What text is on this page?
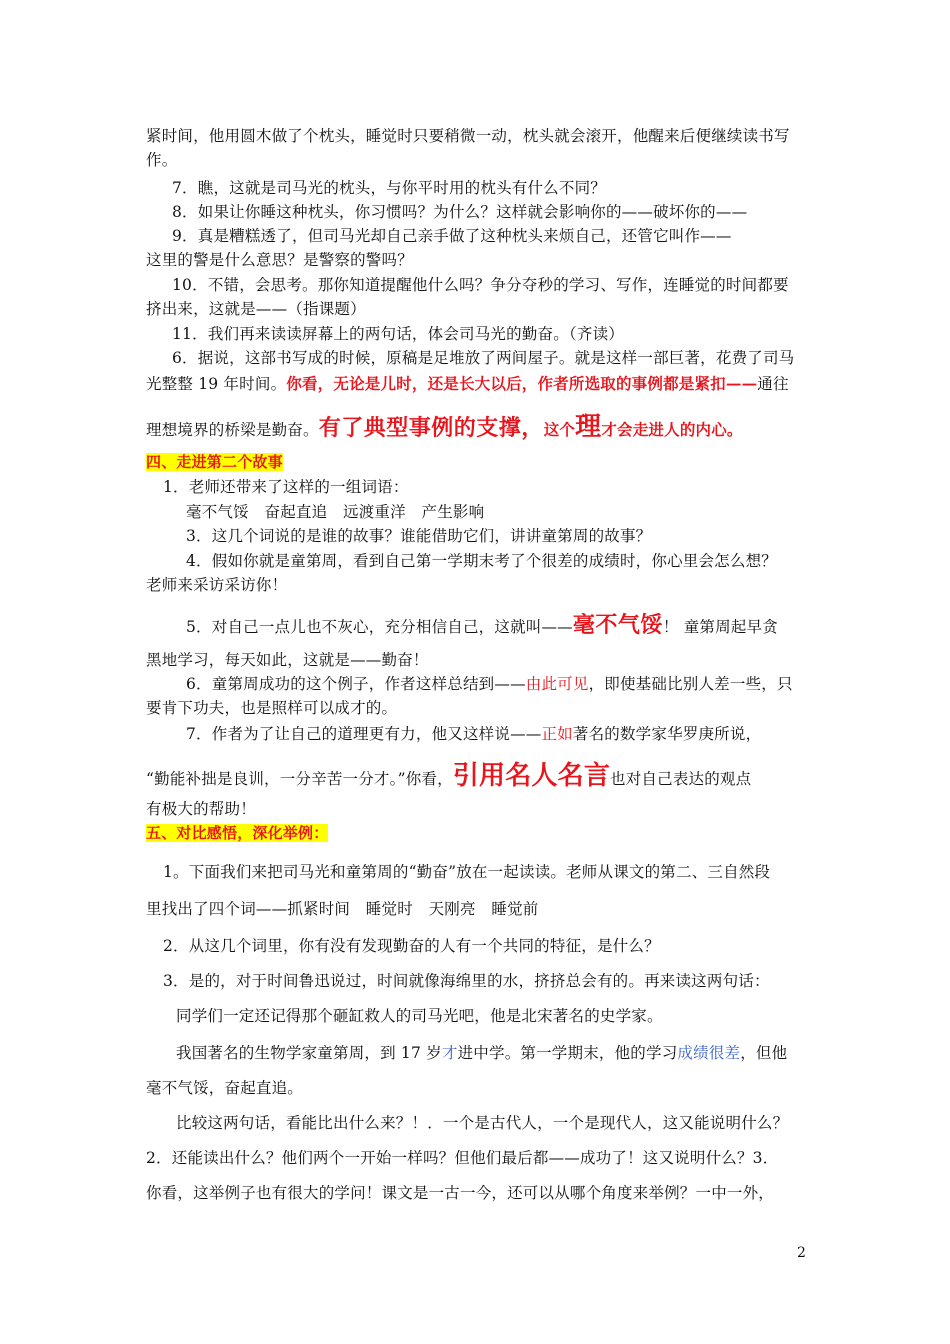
紧时间，他用圆木做了个枕头，睡觉时只要稍微一动，枕头就会滚开，他醒来后便继续读书写
作。
7．瞧，这就是司马光的枕头，与你平时用的枕头有什么不同？
8．如果让你睡这种枕头，你习惯吗？为什么？这样就会影响你的——破坏你的——
9．真是糟糕透了，但司马光却自己亲手做了这种枕头来烦自己，还管它叫作——
这里的警是什么意思？是警察的警吗？
10．不错，会思考。那你知道提醒他什么吗？争分夺秒的学习、写作，连睡觉的时间都要
挤出来，这就是——（指课题）
11．我们再来读读屏幕上的两句话，体会司马光的勤奋。（齐读）
6．据说，这部书写成的时候，原稿是足堆放了两间屋子。就是这样一部巨著，花费了司马
光整整 19 年时间。你看，无论是儿时，还是长大以后，作者所选取的事例都是紧扣——通往
理想境界的桥梁是勤奋。有了典型事例的支撑，这个理才会走进人的内心。
四、走进第二个故事
1．老师还带来了这样的一组词语：
毫不气馁　奋起直追　远渡重洋　产生影响
3．这几个词说的是谁的故事？谁能借助它们，讲讲童第周的故事？
4．假如你就是童第周，看到自己第一学期末考了个很差的成绩时，你心里会怎么想？
老师来采访采访你！
5．对自己一点儿也不灰心，充分相信自己，这就叫——毫不气馁！ 童第周起早贪
黑地学习，每天如此，这就是——勤奋！
6．童第周成功的这个例子，作者这样总结到——由此可见，即使基础比别人差一些，只
要肯下功夫，也是照样可以成才的。
7．作者为了让自己的道理更有力，他又这样说——正如著名的数学家华罗庚所说，
“勤能补拙是良训，一分辛苦一分才。”你看，引用名人名言也对自己表达的观点
有极大的帮助！
五、对比感悟，深化举例：
1。下面我们来把司马光和童第周的“勤奋”放在一起读读。老师从课文的第二、三自然段
里找出了四个词——抓紧时间　睡觉时　天刚亮　睡觉前
2．从这几个词里，你有没有发现勤奋的人有一个共同的特征，是什么？
3．是的，对于时间鲁迅说过，时间就像海绵里的水，挤挤总会有的。再来读这两句话：
同学们一定还记得那个砸缸救人的司马光吧，他是北宋著名的史学家。
我国著名的生物学家童第周，到 17 岁才进中学。第一学期末，他的学习成绩很差，但他
毫不气馁，奋起直追。
比较这两句话，看能比出什么来？！．一个是古代人，一个是现代人，这又能说明什么？
2．还能读出什么？他们两个一开始一样吗？但他们最后都——成功了！这又说明什么？3．
你看，这举例子也有很大的学问！课文是一古一今，还可以从哪个角度来举例？一中一外，
2
